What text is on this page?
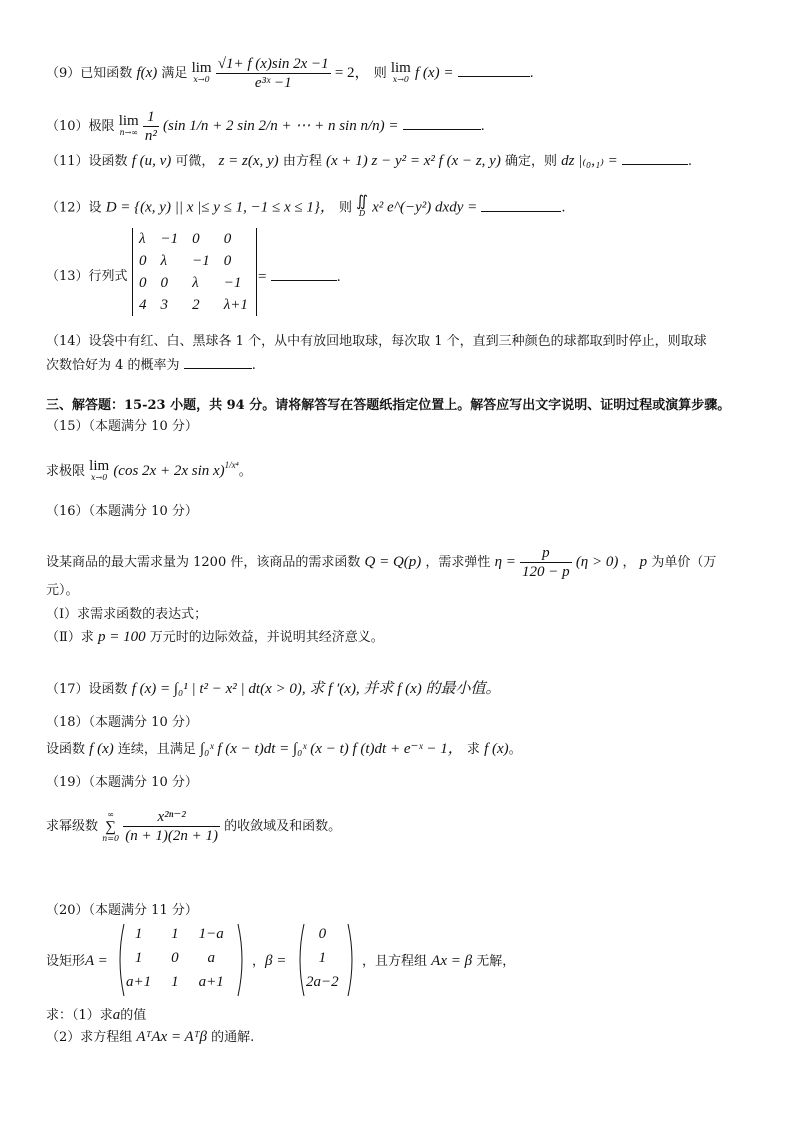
（9）已知函数 f(x) 满足 lim
x→0
$\frac{√1+ f (x)\sin 2x -1}{\text{e³ˣ −1}} = 2$， 则 lim
x→0 f (x) =	.
（10）极限 lim
n→∞
$\frac{1}{\text{n²}} (\sin$ 1/n + 2 sin 2/n + ⋯ + n sin n/n) =	.
（11）设函数 f (u, v) 可微， z = z(x, y) 由方程 (x + 1) z − y² = x² f (x − z, y) 确定，则 dz |₍₀,₁₎ =	.
（12）设 D = {(x, y) || x |≤ y ≤ 1, −1 ≤ x ≤ 1}， 则 ∬
D x² e^(−y²) dxdy =	.
（13）行列式
λ	−1	0	0
0	λ	−1	0
0	0	λ	−1
4	3	2	λ+1
=	.
（14）设袋中有红、白、黑球各 1 个，从中有放回地取球，每次取 1 个，直到三种颜色的球都取到时停止，则取球
次数恰好为 4 的概率为	.
三、解答题：15-23 小题，共 94 分。请将解答写在答题纸指定位置上。解答应写出文字说明、证明过程或演算步骤。
（15）（本题满分 10 分）
求极限 lim
x→0 (cos 2x + 2x sin x)$^{1/x^4}$。
（16）（本题满分 10 分）
设某商品的最大需求量为 1200 件，该商品的需求函数 Q = Q(p) ，需求弹性 $\eta = \frac{p}{120 - p} (\eta > 0)$ ， p 为单价（万
元）。
（Ⅰ）求需求函数的表达式；
（Ⅱ）求 p = 100 万元时的边际效益，并说明其经济意义。
（17）设函数 f (x) = ∫₀¹ | t² − x² | dt(x > 0), 求 f ′(x), 并求 f (x) 的最小值。
（18）（本题满分 10 分）
设函数 f (x) 连续，且满足 ∫₀ˣ f (x − t)dt = ∫₀ˣ (x − t) f (t)dt + e⁻ˣ − 1， 求 f (x)。
（19）（本题满分 10 分）
求幂级数
∞
∑
n=0
$\frac{\text{x²ⁿ⁻²}}{(n + 1)(2n + 1)}$ 的收敛域及和函数。
（20）（本题满分 11 分）
设矩形A =
1	1	1−a
1	0	a
a+1	1	a+1
，β =
0
1
2a−2
，且方程组 Ax = β 无解，
求：（1）求a的值
（2）求方程组 AᵀAx = Aᵀβ 的通解.
